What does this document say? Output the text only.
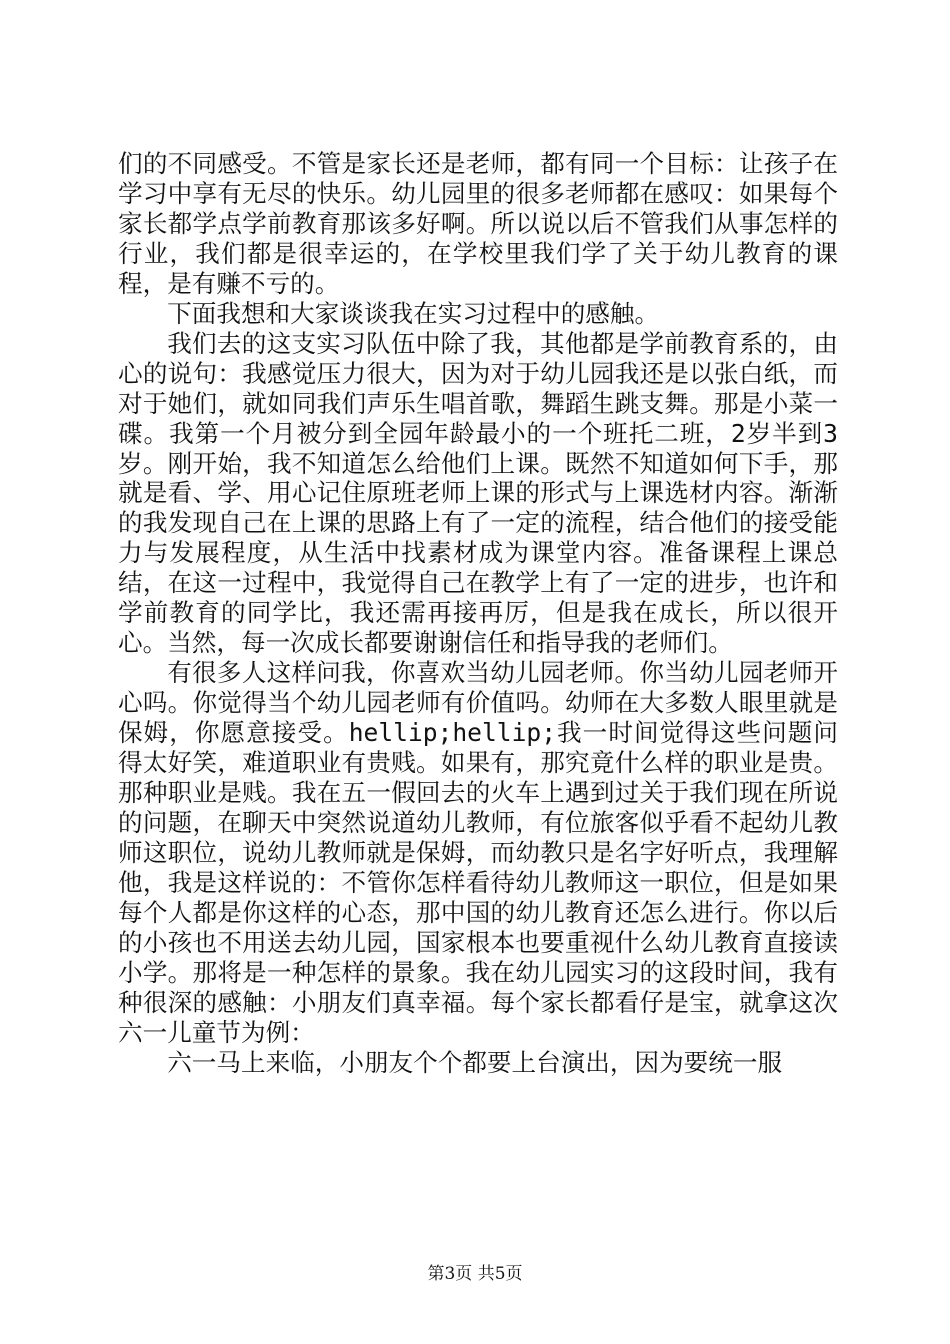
们的不同感受。不管是家长还是老师，都有同一个目标：让孩子在学习中享有无尽的快乐。幼儿园里的很多老师都在感叹：如果每个家长都学点学前教育那该多好啊。所以说以后不管我们从事怎样的行业，我们都是很幸运的，在学校里我们学了关于幼儿教育的课程，是有赚不亏的。

下面我想和大家谈谈我在实习过程中的感触。

我们去的这支实习队伍中除了我，其他都是学前教育系的，由心的说句：我感觉压力很大，因为对于幼儿园我还是以张白纸，而对于她们，就如同我们声乐生唱首歌，舞蹈生跳支舞。那是小菜一碟。我第一个月被分到全园年龄最小的一个班托二班，2岁半到3岁。刚开始，我不知道怎么给他们上课。既然不知道如何下手，那就是看、学、用心记住原班老师上课的形式与上课选材内容。渐渐的我发现自己在上课的思路上有了一定的流程，结合他们的接受能力与发展程度，从生活中找素材成为课堂内容。准备课程上课总结，在这一过程中，我觉得自己在教学上有了一定的进步，也许和学前教育的同学比，我还需再接再厉，但是我在成长，所以很开心。当然，每一次成长都要谢谢信任和指导我的老师们。

有很多人这样问我，你喜欢当幼儿园老师。你当幼儿园老师开心吗。你觉得当个幼儿园老师有价值吗。幼师在大多数人眼里就是保姆，你愿意接受。hellip;hellip;我一时间觉得这些问题问得太好笑，难道职业有贵贱。如果有，那究竟什么样的职业是贵。那种职业是贱。我在五一假回去的火车上遇到过关于我们现在所说的问题，在聊天中突然说道幼儿教师，有位旅客似乎看不起幼儿教师这职位，说幼儿教师就是保姆，而幼教只是名字好听点，我理解他，我是这样说的：不管你怎样看待幼儿教师这一职位，但是如果每个人都是你这样的心态，那中国的幼儿教育还怎么进行。你以后的小孩也不用送去幼儿园，国家根本也要重视什么幼儿教育直接读小学。那将是一种怎样的景象。我在幼儿园实习的这段时间，我有种很深的感触：小朋友们真幸福。每个家长都看仔是宝，就拿这次六一儿童节为例：

六一马上来临，小朋友个个都要上台演出，因为要统一服

第3页 共5页
